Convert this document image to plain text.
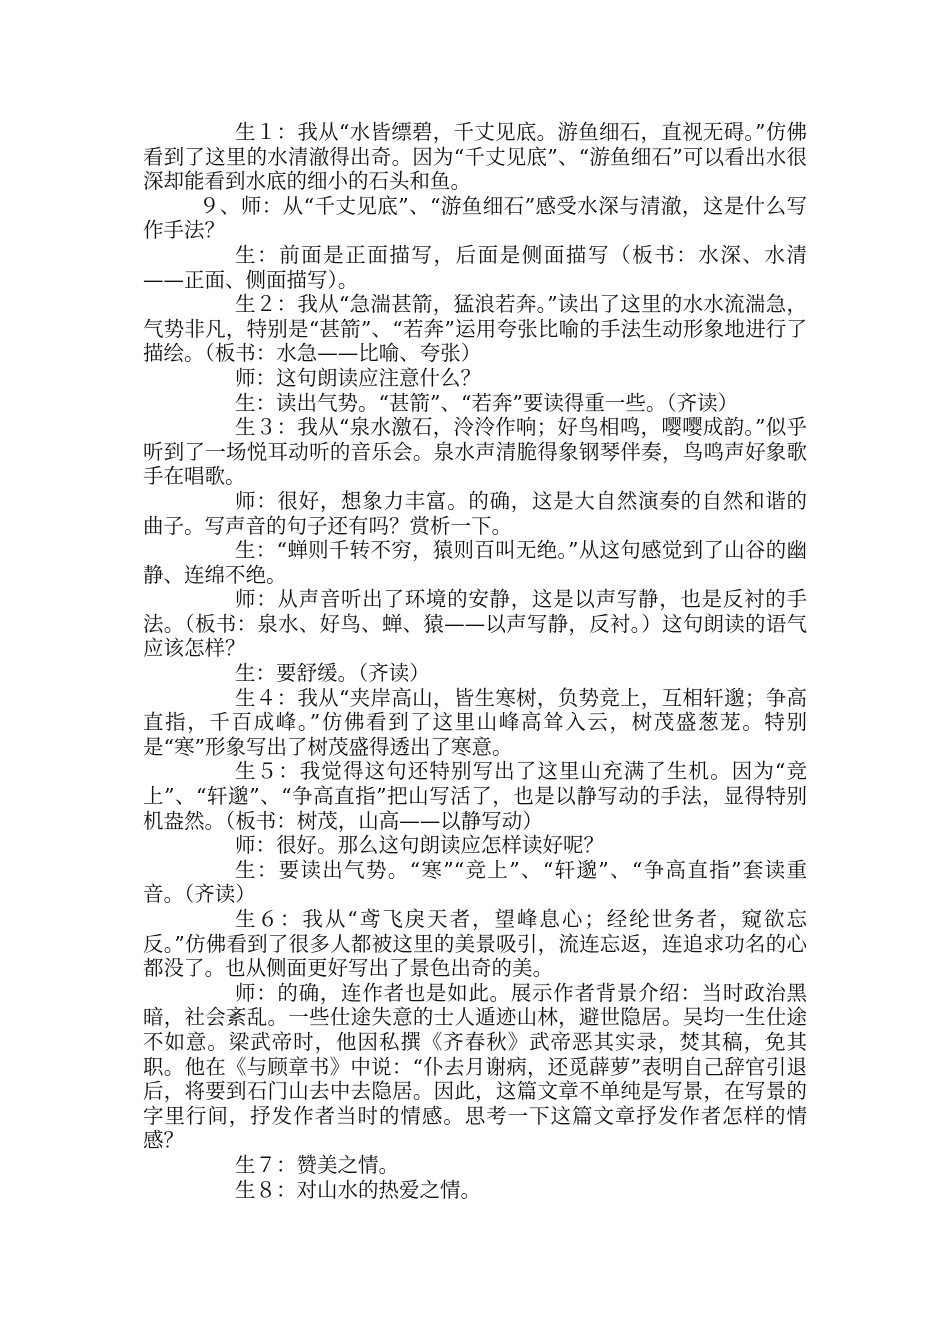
生１：我从“水皆缥碧，千丈见底。游鱼细石，直视无碍。”仿佛看到了这里的水清澈得出奇。因为“千丈见底”、“游鱼细石”可以看出水很深却能看到水底的细小的石头和鱼。

９、师：从“千丈见底”、“游鱼细石”感受水深与清澈，这是什么写作手法？

生：前面是正面描写，后面是侧面描写（板书：水深、水清——正面、侧面描写）。

生２：我从“急湍甚箭，猛浪若奔。”读出了这里的水水流湍急，气势非凡，特别是“甚箭”、“若奔”运用夸张比喻的手法生动形象地进行了描绘。（板书：水急——比喻、夸张）

师：这句朗读应注意什么？

生：读出气势。“甚箭”、“若奔”要读得重一些。（齐读）

生３：我从“泉水激石，泠泠作响；好鸟相鸣，嘤嘤成韵。”似乎听到了一场悦耳动听的音乐会。泉水声清脆得象钢琴伴奏，鸟鸣声好象歌手在唱歌。

师：很好，想象力丰富。的确，这是大自然演奏的自然和谐的曲子。写声音的句子还有吗？赏析一下。

生：“蝉则千转不穷，猿则百叫无绝。”从这句感觉到了山谷的幽静、连绵不绝。

师：从声音听出了环境的安静，这是以声写静，也是反衬的手法。（板书：泉水、好鸟、蝉、猿——以声写静，反衬。）这句朗读的语气应该怎样？

生：要舒缓。（齐读）

生４：我从“夹岸高山，皆生寒树，负势竞上，互相轩邈；争高直指，千百成峰。”仿佛看到了这里山峰高耸入云，树茂盛葱茏。特别是“寒”形象写出了树茂盛得透出了寒意。

生５：我觉得这句还特别写出了这里山充满了生机。因为“竞上”、“轩邈”、“争高直指”把山写活了，也是以静写动的手法，显得特别机盎然。（板书：树茂，山高——以静写动）

师：很好。那么这句朗读应怎样读好呢？

生：要读出气势。“寒”“竞上”、“轩邈”、“争高直指”套读重音。（齐读）

生６：我从“鸢飞戾天者，望峰息心；经纶世务者，窥欲忘反。”仿佛看到了很多人都被这里的美景吸引，流连忘返，连追求功名的心都没了。也从侧面更好写出了景色出奇的美。

师：的确，连作者也是如此。展示作者背景介绍：当时政治黑暗，社会紊乱。一些仕途失意的士人遁迹山林，避世隐居。吴均一生仕途不如意。梁武帝时，他因私撰《齐春秋》武帝恶其实录，焚其稿，免其职。他在《与顾章书》中说：“仆去月谢病，还觅薜萝”表明自己辞官引退后，将要到石门山去中去隐居。因此，这篇文章不单纯是写景，在写景的字里行间，抒发作者当时的情感。思考一下这篇文章抒发作者怎样的情感？

生７：赞美之情。

生８：对山水的热爱之情。
